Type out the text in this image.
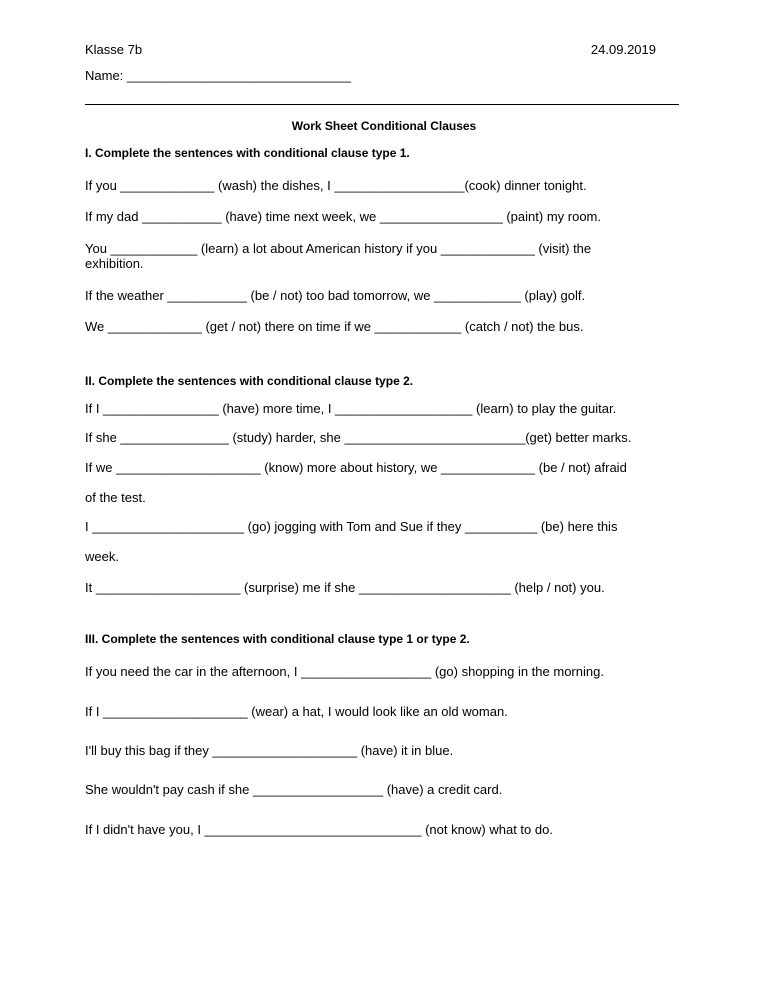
Klasse 7b	24.09.2019
Name: _______________________________
Work Sheet Conditional Clauses
I. Complete the sentences with conditional clause type 1.
If you _____________ (wash) the dishes, I __________________(cook) dinner tonight.
If my dad ___________ (have) time next week, we _________________ (paint) my room.
You ____________ (learn) a lot about American history if you _____________ (visit) the
exhibition.
If the weather ___________ (be / not) too bad tomorrow, we ____________ (play) golf.
We _____________ (get / not) there on time if we ____________ (catch / not) the bus.
II. Complete the sentences with conditional clause type 2.
If I ________________ (have) more time, I ___________________ (learn) to play the guitar.
If she _______________ (study) harder, she _________________________(get) better marks.
If we ____________________ (know) more about history, we _____________ (be / not) afraid
of the test.
I _____________________ (go) jogging with Tom and Sue if they __________ (be) here this
week.
It ____________________ (surprise) me if she _____________________ (help / not) you.
III. Complete the sentences with conditional clause type 1 or type 2.
If you need the car in the afternoon, I __________________ (go) shopping in the morning.
If I ____________________ (wear) a hat, I would look like an old woman.
I'll buy this bag if they ____________________ (have) it in blue.
She wouldn't pay cash if she __________________ (have) a credit card.
If I didn't have you, I ______________________________ (not know) what to do.
